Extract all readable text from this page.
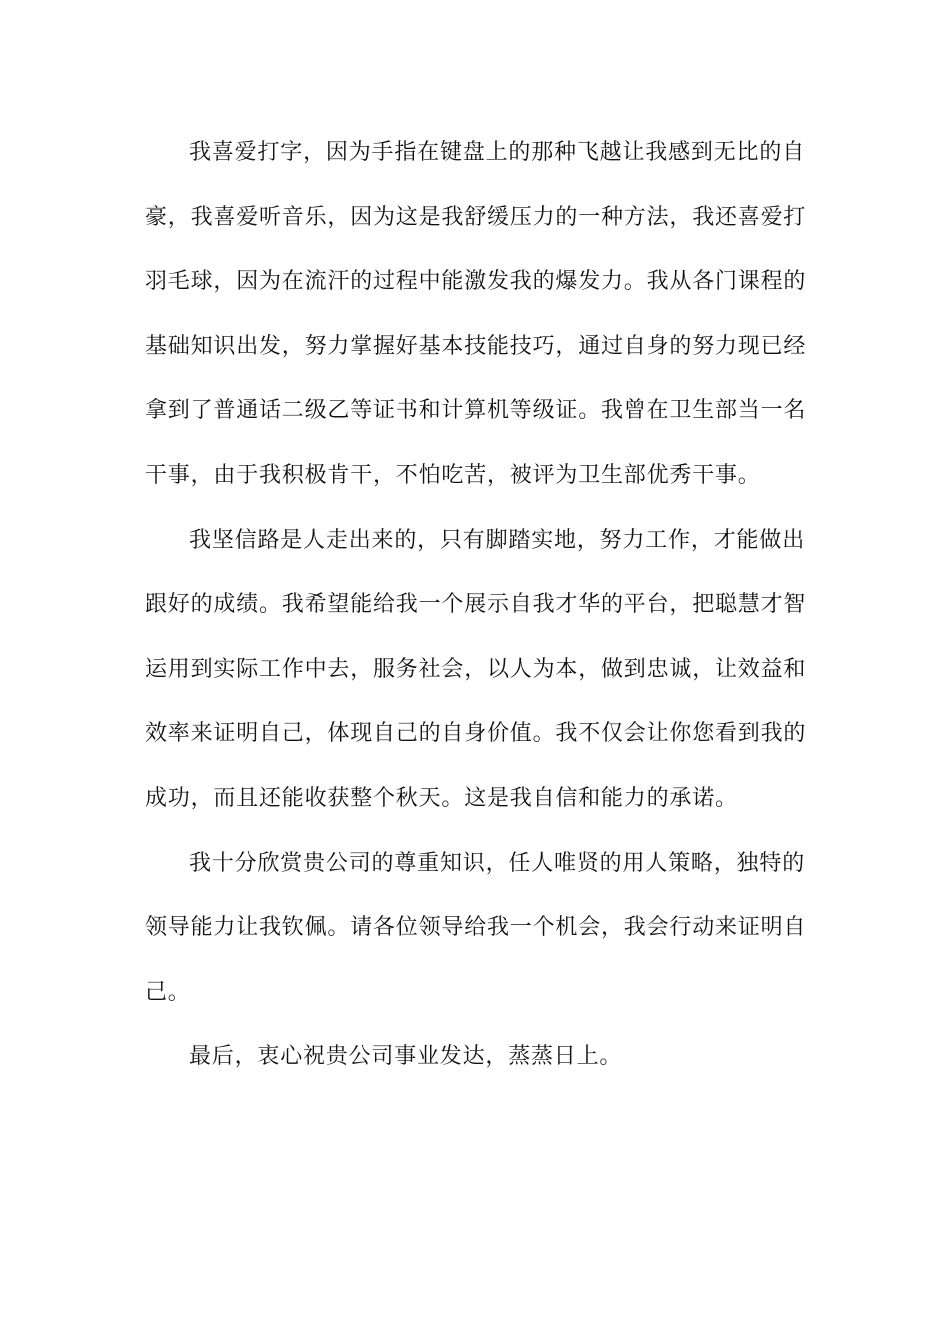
我喜爱打字，因为手指在键盘上的那种飞越让我感到无比的自
豪，我喜爱听音乐，因为这是我舒缓压力的一种方法，我还喜爱打
羽毛球，因为在流汗的过程中能激发我的爆发力。我从各门课程的
基础知识出发，努力掌握好基本技能技巧，通过自身的努力现已经
拿到了普通话二级乙等证书和计算机等级证。我曾在卫生部当一名
干事，由于我积极肯干，不怕吃苦，被评为卫生部优秀干事。
我坚信路是人走出来的，只有脚踏实地，努力工作，才能做出
跟好的成绩。我希望能给我一个展示自我才华的平台，把聪慧才智
运用到实际工作中去，服务社会，以人为本，做到忠诚，让效益和
效率来证明自己，体现自己的自身价值。我不仅会让你您看到我的
成功，而且还能收获整个秋天。这是我自信和能力的承诺。
我十分欣赏贵公司的尊重知识，任人唯贤的用人策略，独特的
领导能力让我钦佩。请各位领导给我一个机会，我会行动来证明自
己。
最后，衷心祝贵公司事业发达，蒸蒸日上。
